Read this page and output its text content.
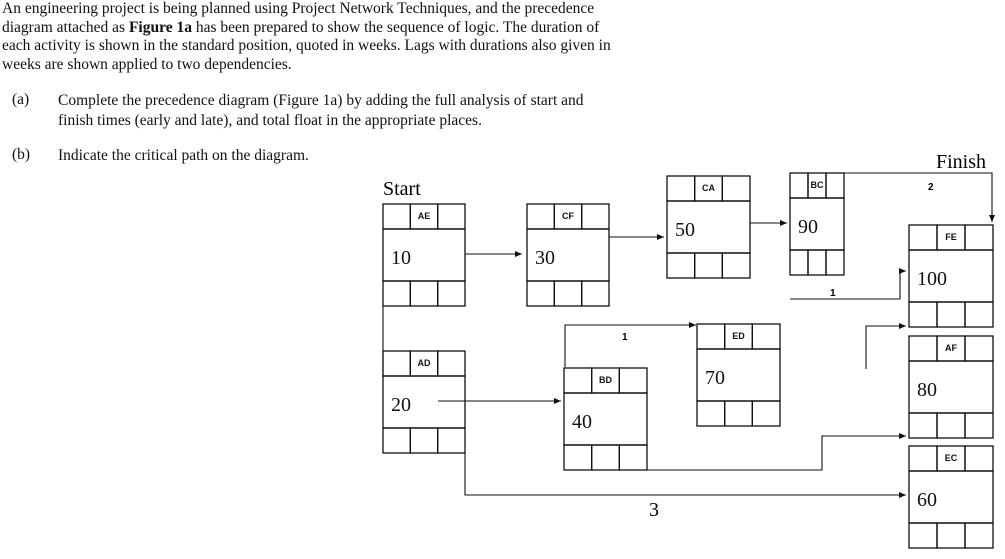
An engineering project is being planned using Project Network Techniques, and the precedence diagram attached as Figure 1a has been prepared to show the sequence of logic. The duration of each activity is shown in the standard position, quoted in weeks. Lags with durations also given in weeks are shown applied to two dependencies.

(a) Complete the precedence diagram (Figure 1a) by adding the full analysis of start and finish times (early and late), and total float in the appropriate places.
(b) Indicate the critical path on the diagram.
Start
Finish
AE
10
AD
20
CF
30
CA
50
BD
40
ED
70
BC
90	FE
100
AF
80
EC
60
2
1
1
3
